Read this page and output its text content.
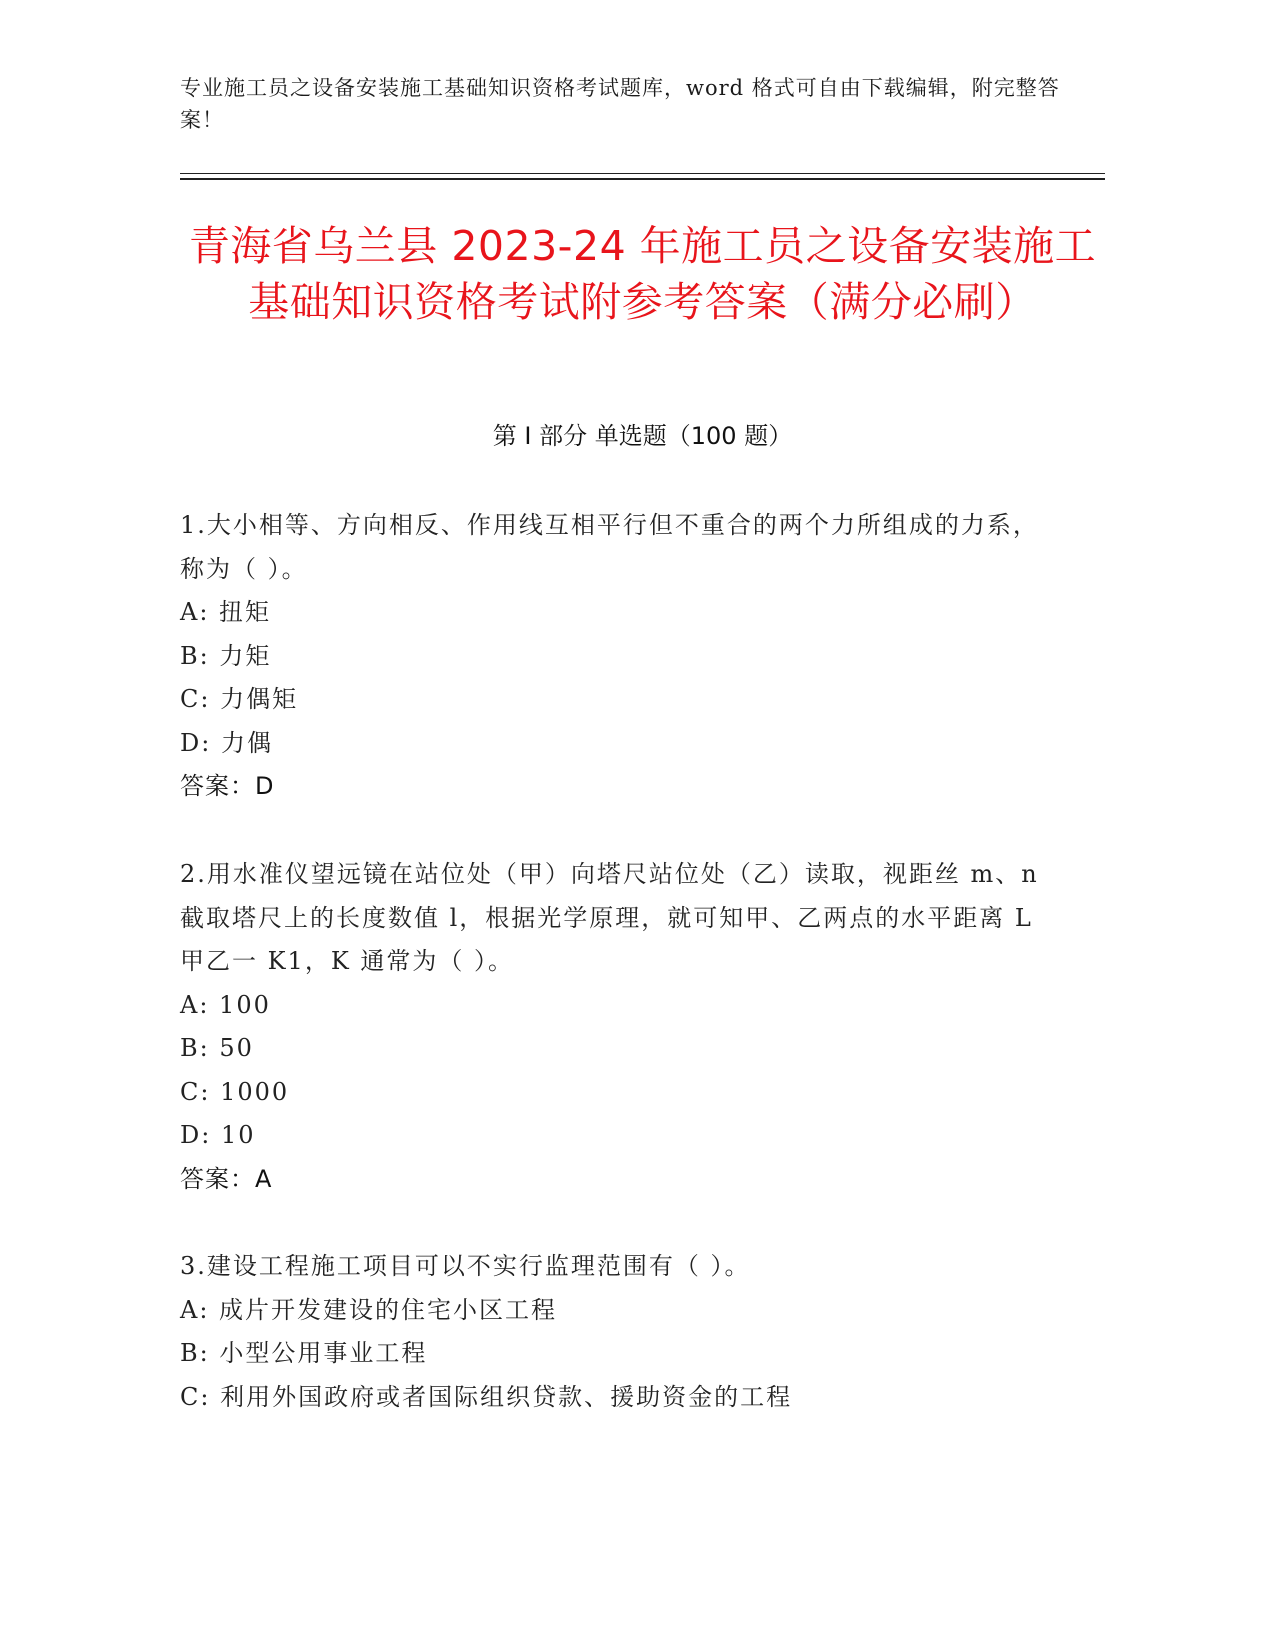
专业施工员之设备安装施工基础知识资格考试题库，word 格式可自由下载编辑，附完整答案！
青海省乌兰县 2023-24 年施工员之设备安装施工基础知识资格考试附参考答案（满分必刷）
第 I 部分 单选题（100 题）
1.大小相等、方向相反、作用线互相平行但不重合的两个力所组成的力系，称为（ ）。
A: 扭矩
B: 力矩
C: 力偶矩
D: 力偶
答案：D
2.用水准仪望远镜在站位处（甲）向塔尺站位处（乙）读取，视距丝 m、n 截取塔尺上的长度数值 l，根据光学原理，就可知甲、乙两点的水平距离 L 甲乙一 K1，K 通常为（ ）。
A: 100
B: 50
C: 1000
D: 10
答案：A
3.建设工程施工项目可以不实行监理范围有（ ）。
A: 成片开发建设的住宅小区工程
B: 小型公用事业工程
C: 利用外国政府或者国际组织贷款、援助资金的工程
